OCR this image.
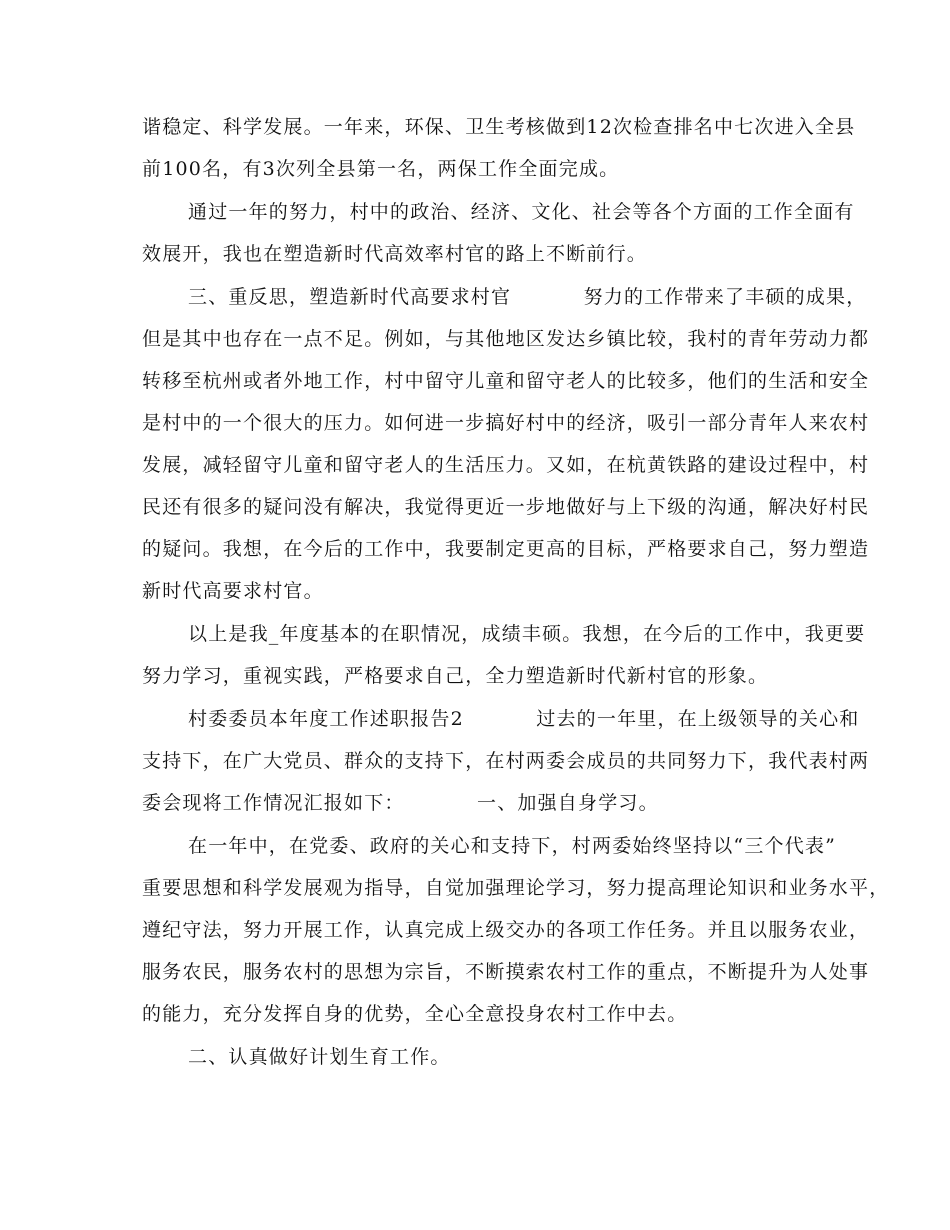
谐稳定、科学发展。一年来，环保、卫生考核做到12次检查排名中七次进入全县
前100名，有3次列全县第一名，两保工作全面完成。
通过一年的努力，村中的政治、经济、文化、社会等各个方面的工作全面有
效展开，我也在塑造新时代高效率村官的路上不断前行。
三、重反思，塑造新时代高要求村官          努力的工作带来了丰硕的成果，
但是其中也存在一点不足。例如，与其他地区发达乡镇比较，我村的青年劳动力都
转移至杭州或者外地工作，村中留守儿童和留守老人的比较多，他们的生活和安全
是村中的一个很大的压力。如何进一步搞好村中的经济，吸引一部分青年人来农村
发展，减轻留守儿童和留守老人的生活压力。又如，在杭黄铁路的建设过程中，村
民还有很多的疑问没有解决，我觉得更近一步地做好与上下级的沟通，解决好村民
的疑问。我想，在今后的工作中，我要制定更高的目标，严格要求自己，努力塑造
新时代高要求村官。
以上是我_年度基本的在职情况，成绩丰硕。我想，在今后的工作中，我更要
努力学习，重视实践，严格要求自己，全力塑造新时代新村官的形象。
村委委员本年度工作述职报告2          过去的一年里，在上级领导的关心和
支持下，在广大党员、群众的支持下，在村两委会成员的共同努力下，我代表村两
委会现将工作情况汇报如下：          一、加强自身学习。
在一年中，在党委、政府的关心和支持下，村两委始终坚持以“三个代表”
重要思想和科学发展观为指导，自觉加强理论学习，努力提高理论知识和业务水平，
遵纪守法，努力开展工作，认真完成上级交办的各项工作任务。并且以服务农业，
服务农民，服务农村的思想为宗旨，不断摸索农村工作的重点，不断提升为人处事
的能力，充分发挥自身的优势，全心全意投身农村工作中去。
二、认真做好计划生育工作。
